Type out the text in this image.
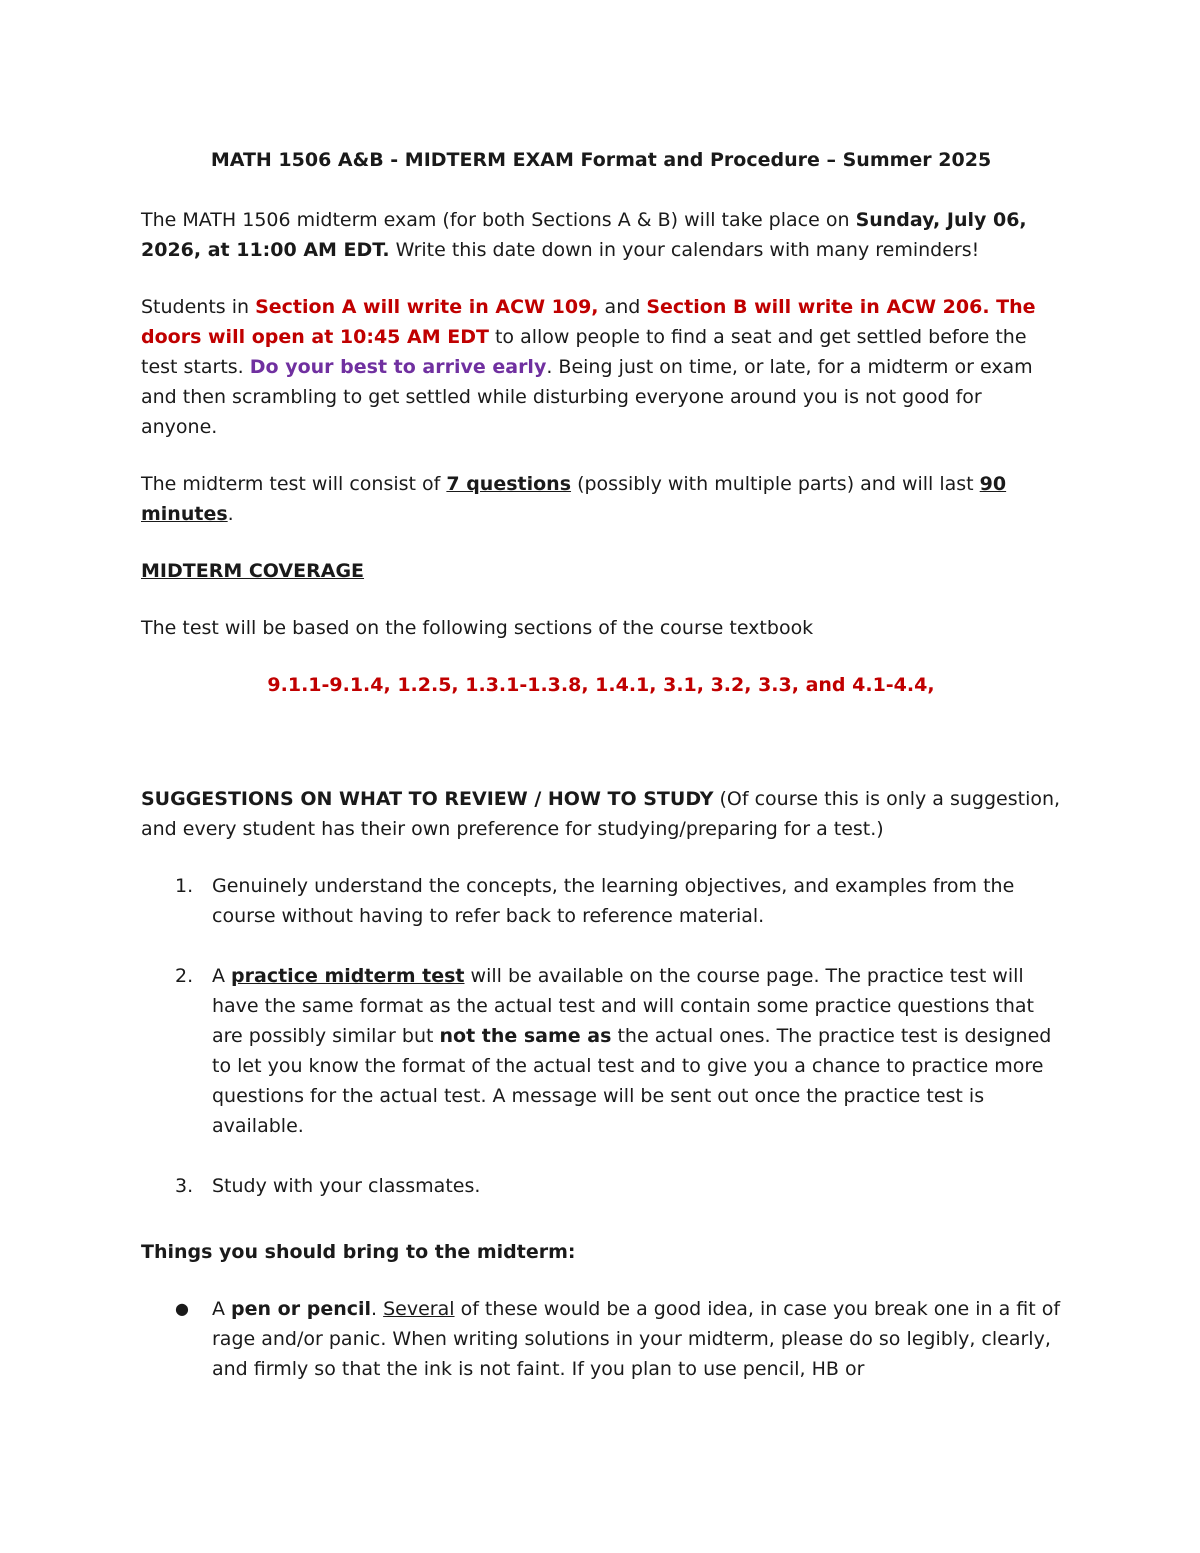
MATH 1506 A&B - MIDTERM EXAM Format and Procedure – Summer 2025

The MATH 1506 midterm exam (for both Sections A & B) will take place on Sunday, July 06, 2026, at 11:00 AM EDT. Write this date down in your calendars with many reminders!

Students in Section A will write in ACW 109, and Section B will write in ACW 206. The doors will open at 10:45 AM EDT to allow people to find a seat and get settled before the test starts. Do your best to arrive early. Being just on time, or late, for a midterm or exam and then scrambling to get settled while disturbing everyone around you is not good for anyone.

The midterm test will consist of 7 questions (possibly with multiple parts) and will last 90 minutes.

MIDTERM COVERAGE

The test will be based on the following sections of the course textbook

9.1.1-9.1.4, 1.2.5, 1.3.1-1.3.8, 1.4.1, 3.1, 3.2, 3.3, and 4.1-4.4,

SUGGESTIONS ON WHAT TO REVIEW / HOW TO STUDY (Of course this is only a suggestion, and every student has their own preference for studying/preparing for a test.)

1. Genuinely understand the concepts, the learning objectives, and examples from the course without having to refer back to reference material.
2. A practice midterm test will be available on the course page. The practice test will have the same format as the actual test and will contain some practice questions that are possibly similar but not the same as the actual ones. The practice test is designed to let you know the format of the actual test and to give you a chance to practice more questions for the actual test. A message will be sent out once the practice test is available.
3. Study with your classmates.

Things you should bring to the midterm:

● A pen or pencil. Several of these would be a good idea, in case you break one in a fit of rage and/or panic. When writing solutions in your midterm, please do so legibly, clearly, and firmly so that the ink is not faint. If you plan to use pencil, HB or
